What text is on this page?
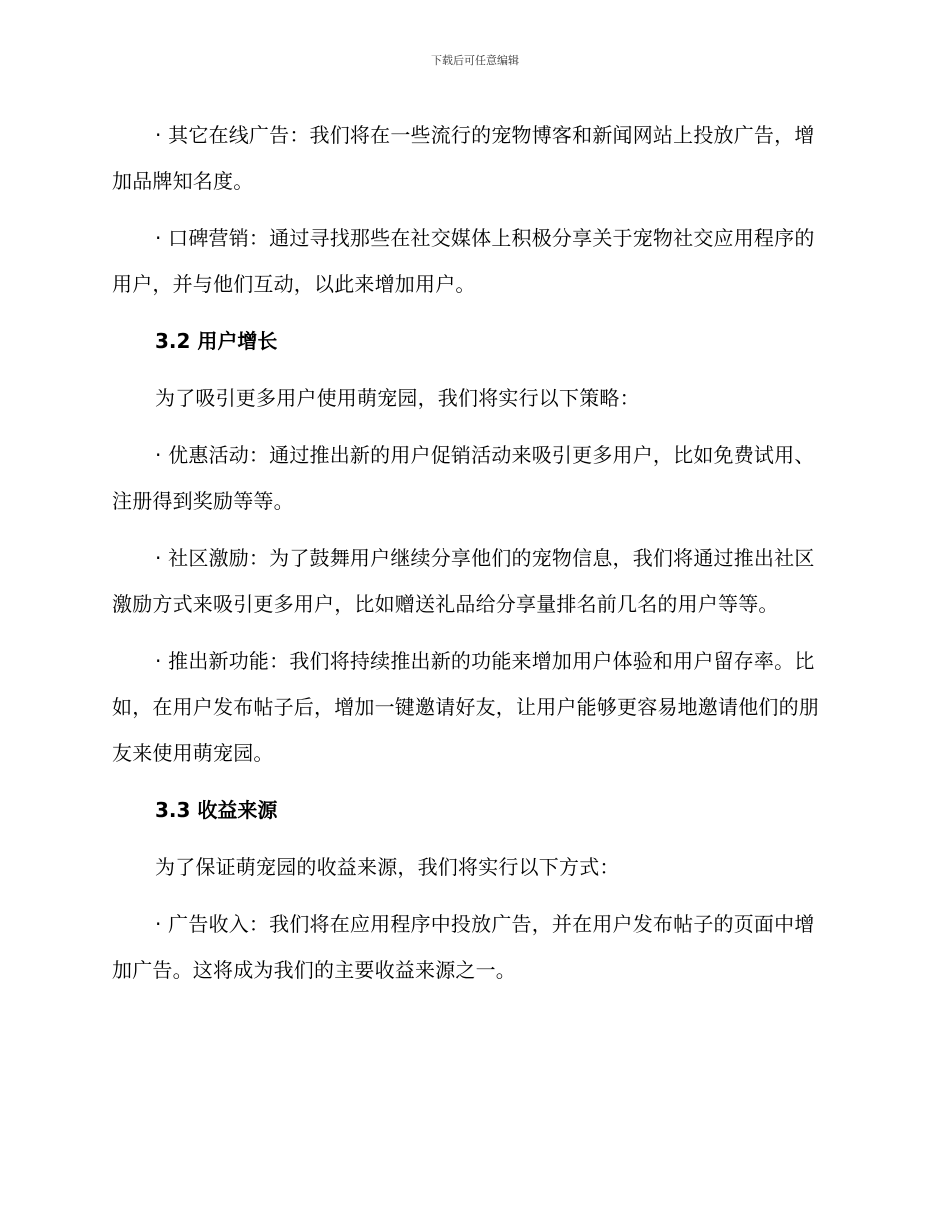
下载后可任意编辑

· 其它在线广告：我们将在一些流行的宠物博客和新闻网站上投放广告，增加品牌知名度。

· 口碑营销：通过寻找那些在社交媒体上积极分享关于宠物社交应用程序的用户，并与他们互动，以此来增加用户。

3.2 用户增长

为了吸引更多用户使用萌宠园，我们将实行以下策略：

· 优惠活动：通过推出新的用户促销活动来吸引更多用户，比如免费试用、注册得到奖励等等。

· 社区激励：为了鼓舞用户继续分享他们的宠物信息，我们将通过推出社区激励方式来吸引更多用户，比如赠送礼品给分享量排名前几名的用户等等。

· 推出新功能：我们将持续推出新的功能来增加用户体验和用户留存率。比如，在用户发布帖子后，增加一键邀请好友，让用户能够更容易地邀请他们的朋友来使用萌宠园。

3.3 收益来源

为了保证萌宠园的收益来源，我们将实行以下方式：

· 广告收入：我们将在应用程序中投放广告，并在用户发布帖子的页面中增加广告。这将成为我们的主要收益来源之一。
